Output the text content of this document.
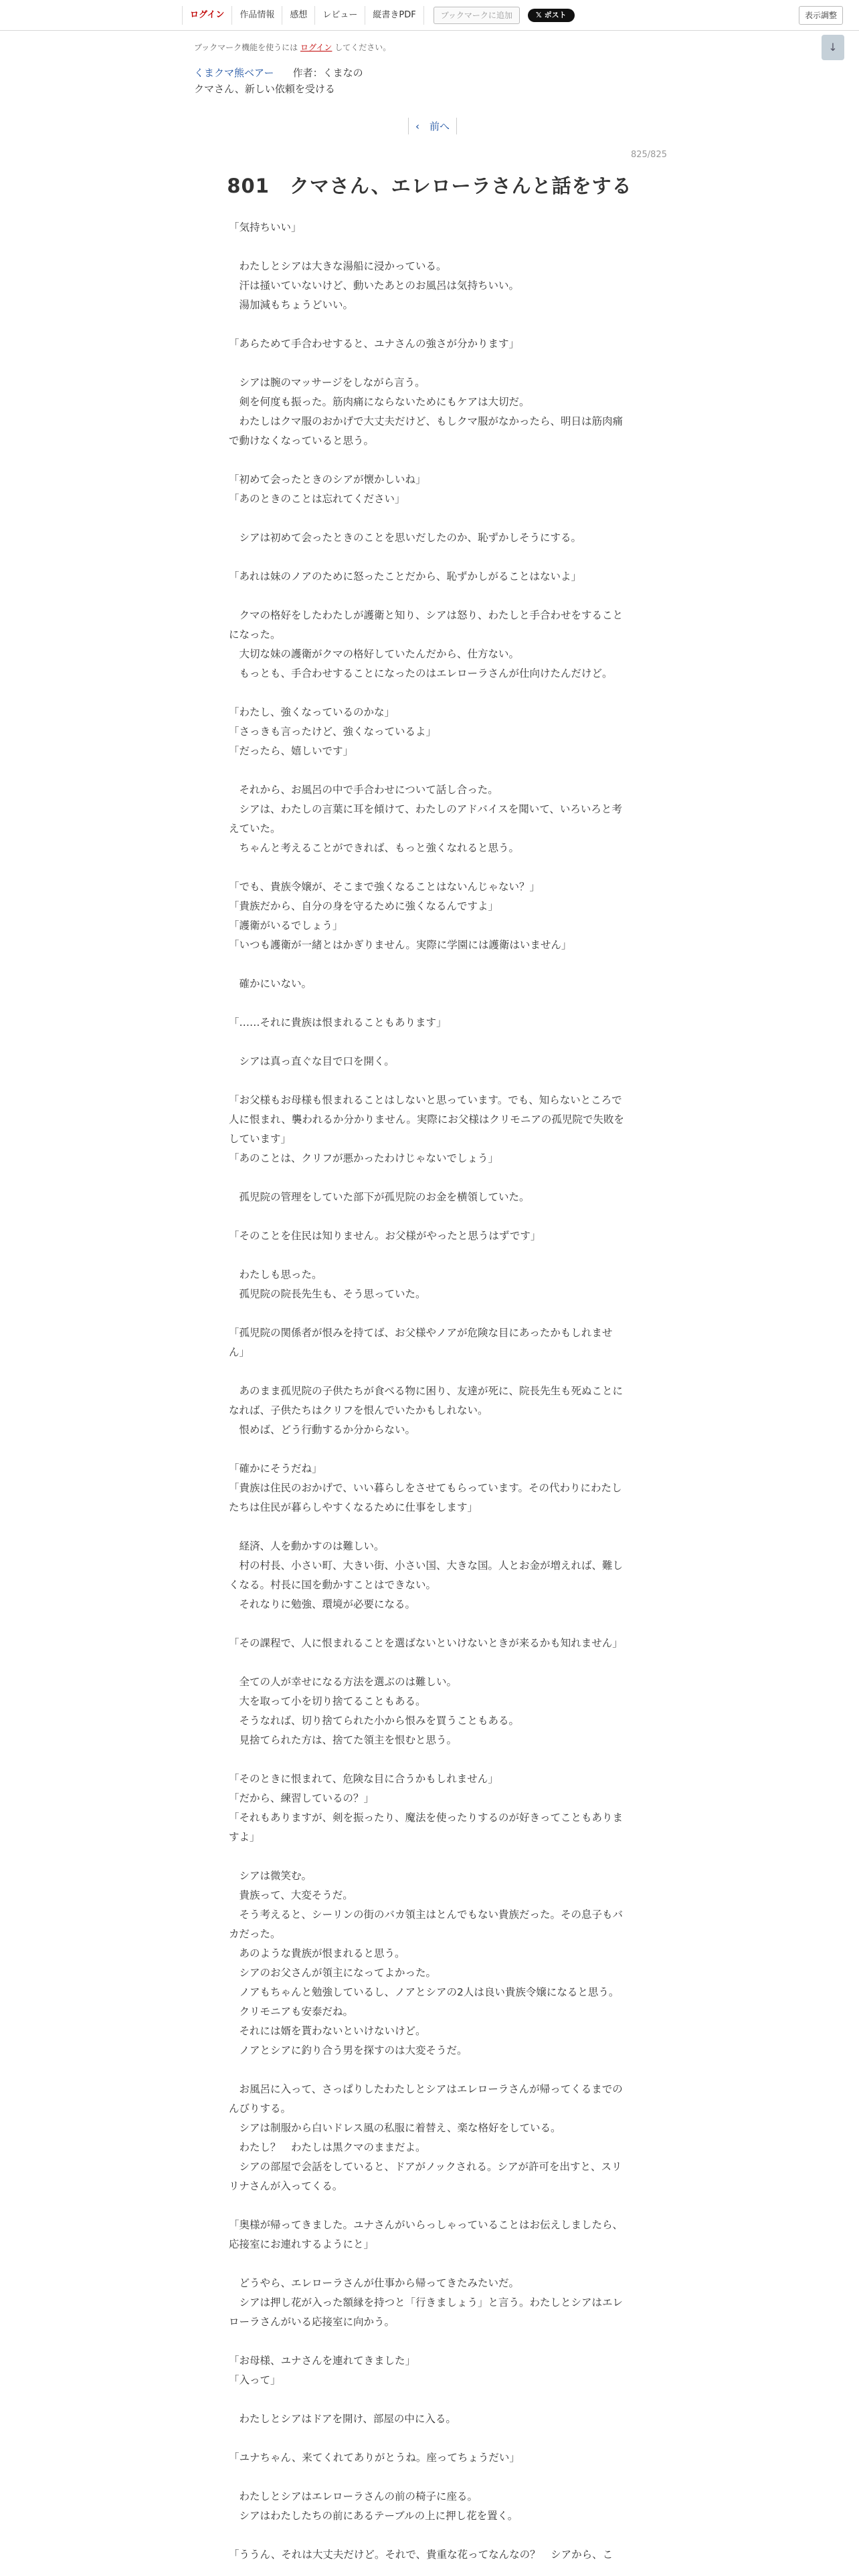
ログイン	作品情報	感想	レビュー	縦書きPDF	ブックマークに追加	𝕏 ポスト	表示調整
↓
ブックマーク機能を使うには ログイン してください。
くまクマ熊ベアー 作者：くまなの
クマさん、新しい依頼を受ける
‹　前へ
825/825
801　クマさん、エレローラさんと話をする

「気持ちいい」

　わたしとシアは大きな湯船に浸かっている。

　汗は掻いていないけど、動いたあとのお風呂は気持ちいい。

　湯加減もちょうどいい。

「あらためて手合わせすると、ユナさんの強さが分かります」

　シアは腕のマッサージをしながら言う。

　剣を何度も振った。筋肉痛にならないためにもケアは大切だ。

　わたしはクマ服のおかげで大丈夫だけど、もしクマ服がなかったら、明日は筋肉痛で動けなくなっていると思う。

「初めて会ったときのシアが懐かしいね」

「あのときのことは忘れてください」

　シアは初めて会ったときのことを思いだしたのか、恥ずかしそうにする。

「あれは妹のノアのために怒ったことだから、恥ずかしがることはないよ」

　クマの格好をしたわたしが護衛と知り、シアは怒り、わたしと手合わせをすることになった。

　大切な妹の護衛がクマの格好していたんだから、仕方ない。

　もっとも、手合わせすることになったのはエレローラさんが仕向けたんだけど。

「わたし、強くなっているのかな」

「さっきも言ったけど、強くなっているよ」

「だったら、嬉しいです」

　それから、お風呂の中で手合わせについて話し合った。

　シアは、わたしの言葉に耳を傾けて、わたしのアドバイスを聞いて、いろいろと考えていた。

　ちゃんと考えることができれば、もっと強くなれると思う。

「でも、貴族令嬢が、そこまで強くなることはないんじゃない？」

「貴族だから、自分の身を守るために強くなるんですよ」

「護衛がいるでしょう」

「いつも護衛が一緒とはかぎりません。実際に学園には護衛はいません」

　確かにいない。

「……それに貴族は恨まれることもあります」

　シアは真っ直ぐな目で口を開く。

「お父様もお母様も恨まれることはしないと思っています。でも、知らないところで人に恨まれ、襲われるか分かりません。実際にお父様はクリモニアの孤児院で失敗をしています」

「あのことは、クリフが悪かったわけじゃないでしょう」

　孤児院の管理をしていた部下が孤児院のお金を横領していた。

「そのことを住民は知りません。お父様がやったと思うはずです」

　わたしも思った。

　孤児院の院長先生も、そう思っていた。

「孤児院の関係者が恨みを持てば、お父様やノアが危険な目にあったかもしれません」

　あのまま孤児院の子供たちが食べる物に困り、友達が死に、院長先生も死ぬことになれば、子供たちはクリフを恨んでいたかもしれない。

　恨めば、どう行動するか分からない。

「確かにそうだね」

「貴族は住民のおかげで、いい暮らしをさせてもらっています。その代わりにわたしたちは住民が暮らしやすくなるために仕事をします」

　経済、人を動かすのは難しい。

　村の村長、小さい町、大きい街、小さい国、大きな国。人とお金が増えれば、難しくなる。村長に国を動かすことはできない。

　それなりに勉強、環境が必要になる。

「その課程で、人に恨まれることを選ばないといけないときが来るかも知れません」

　全ての人が幸せになる方法を選ぶのは難しい。

　大を取って小を切り捨てることもある。

　そうなれば、切り捨てられた小から恨みを買うこともある。

　見捨てられた方は、捨てた領主を恨むと思う。

「そのときに恨まれて、危険な目に合うかもしれません」

「だから、練習しているの？」

「それもありますが、剣を振ったり、魔法を使ったりするのが好きってこともありますよ」

　シアは微笑む。

　貴族って、大変そうだ。

　そう考えると、シーリンの街のバカ領主はとんでもない貴族だった。その息子もバカだった。

　あのような貴族が恨まれると思う。

　シアのお父さんが領主になってよかった。

　ノアもちゃんと勉強しているし、ノアとシアの2人は良い貴族令嬢になると思う。

　クリモニアも安泰だね。

　それには婿を貰わないといけないけど。

　ノアとシアに釣り合う男を探すのは大変そうだ。

　お風呂に入って、さっぱりしたわたしとシアはエレローラさんが帰ってくるまでのんびりする。

　シアは制服から白いドレス風の私服に着替え、楽な格好をしている。

　わたし？　わたしは黒クマのままだよ。

　シアの部屋で会話をしていると、ドアがノックされる。シアが許可を出すと、スリリナさんが入ってくる。

「奥様が帰ってきました。ユナさんがいらっしゃっていることはお伝えしましたら、応接室にお連れするようにと」

　どうやら、エレローラさんが仕事から帰ってきたみたいだ。

　シアは押し花が入った額縁を持つと「行きましょう」と言う。わたしとシアはエレローラさんがいる応接室に向かう。

「お母様、ユナさんを連れてきました」

「入って」

　わたしとシアはドアを開け、部屋の中に入る。

「ユナちゃん、来てくれてありがとうね。座ってちょうだい」

　わたしとシアはエレローラさんの前の椅子に座る。

　シアはわたしたちの前にあるテーブルの上に押し花を置く。

「ううん、それは大丈夫だけど。それで、貴重な花ってなんなの？　シアから、こ
